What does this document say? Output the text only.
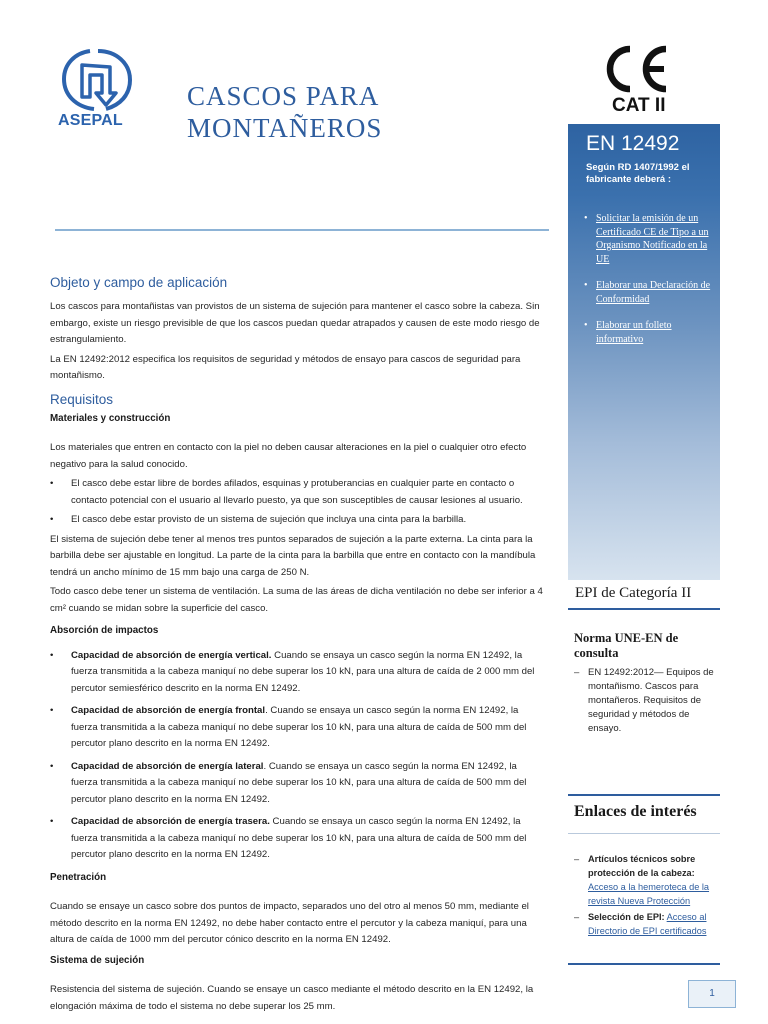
ASEPAL
CASCOS PARA
MONTAÑEROS
CAT II
EN 12492
Según RD 1407/1992 el fabricante deberá :
• Solicitar la emisión de un Certificado CE de Tipo a un Organismo Notificado en la UE
• Elaborar una Declaración de Conformidad
• Elaborar un folleto informativo
EPI de Categoría II
Norma UNE-EN de consulta
– EN 12492:2012— Equipos de montañismo. Cascos para montañeros. Requisitos de seguridad y métodos de ensayo.
Enlaces de interés
– Artículos técnicos sobre protección de la cabeza: Acceso a la hemeroteca de la revista Nueva Protección
– Selección de EPI: Acceso al Directorio de EPI certificados
1
Objeto y campo de aplicación

Los cascos para montañistas van provistos de un sistema de sujeción para mantener el casco sobre la cabeza. Sin embargo, existe un riesgo previsible de que los cascos puedan quedar atrapados y causen de este modo riesgo de estrangulamiento.

La EN 12492:2012 especifica los requisitos de seguridad y métodos de ensayo para cascos de seguridad para montañismo.

Requisitos
Materiales y construcción

Los materiales que entren en contacto con la piel no deben causar alteraciones en la piel o cualquier otro efecto negativo para la salud conocido.

• El casco debe estar libre de bordes afilados, esquinas y protuberancias en cualquier parte en contacto o contacto potencial con el usuario al llevarlo puesto, ya que son susceptibles de causar lesiones al usuario.
• El casco debe estar provisto de un sistema de sujeción que incluya una cinta para la barbilla.

El sistema de sujeción debe tener al menos tres puntos separados de sujeción a la parte externa. La cinta para la barbilla debe ser ajustable en longitud. La parte de la cinta para la barbilla que entre en contacto con la mandíbula tendrá un ancho mínimo de 15 mm bajo una carga de 250 N.

Todo casco debe tener un sistema de ventilación. La suma de las áreas de dicha ventilación no debe ser inferior a 4 cm² cuando se midan sobre la superficie del casco.

Absorción de impactos
• Capacidad de absorción de energía vertical. Cuando se ensaya un casco según la norma EN 12492, la fuerza transmitida a la cabeza maniquí no debe superar los 10 kN, para una altura de caída de 2 000 mm del percutor semiesférico descrito en la norma EN 12492.
• Capacidad de absorción de energía frontal. Cuando se ensaya un casco según la norma EN 12492, la fuerza transmitida a la cabeza maniquí no debe superar los 10 kN, para una altura de caída de 500 mm del percutor plano descrito en la norma EN 12492.
• Capacidad de absorción de energía lateral. Cuando se ensaya un casco según la norma EN 12492, la fuerza transmitida a la cabeza maniquí no debe superar los 10 kN, para una altura de caída de 500 mm del percutor plano descrito en la norma EN 12492.
• Capacidad de absorción de energía trasera. Cuando se ensaya un casco según la norma EN 12492, la fuerza transmitida a la cabeza maniquí no debe superar los 10 kN, para una altura de caída de 500 mm del percutor plano descrito en la norma EN 12492.
Penetración

Cuando se ensaye un casco sobre dos puntos de impacto, separados uno del otro al menos 50 mm, mediante el método descrito en la norma EN 12492, no debe haber contacto entre el percutor y la cabeza maniquí, para una altura de caída de 1000 mm del percutor cónico descrito en la norma EN 12492.

Sistema de sujeción

Resistencia del sistema de sujeción. Cuando se ensaye un casco mediante el método descrito en la EN 12492, la elongación máxima de todo el sistema no debe superar los 25 mm.
